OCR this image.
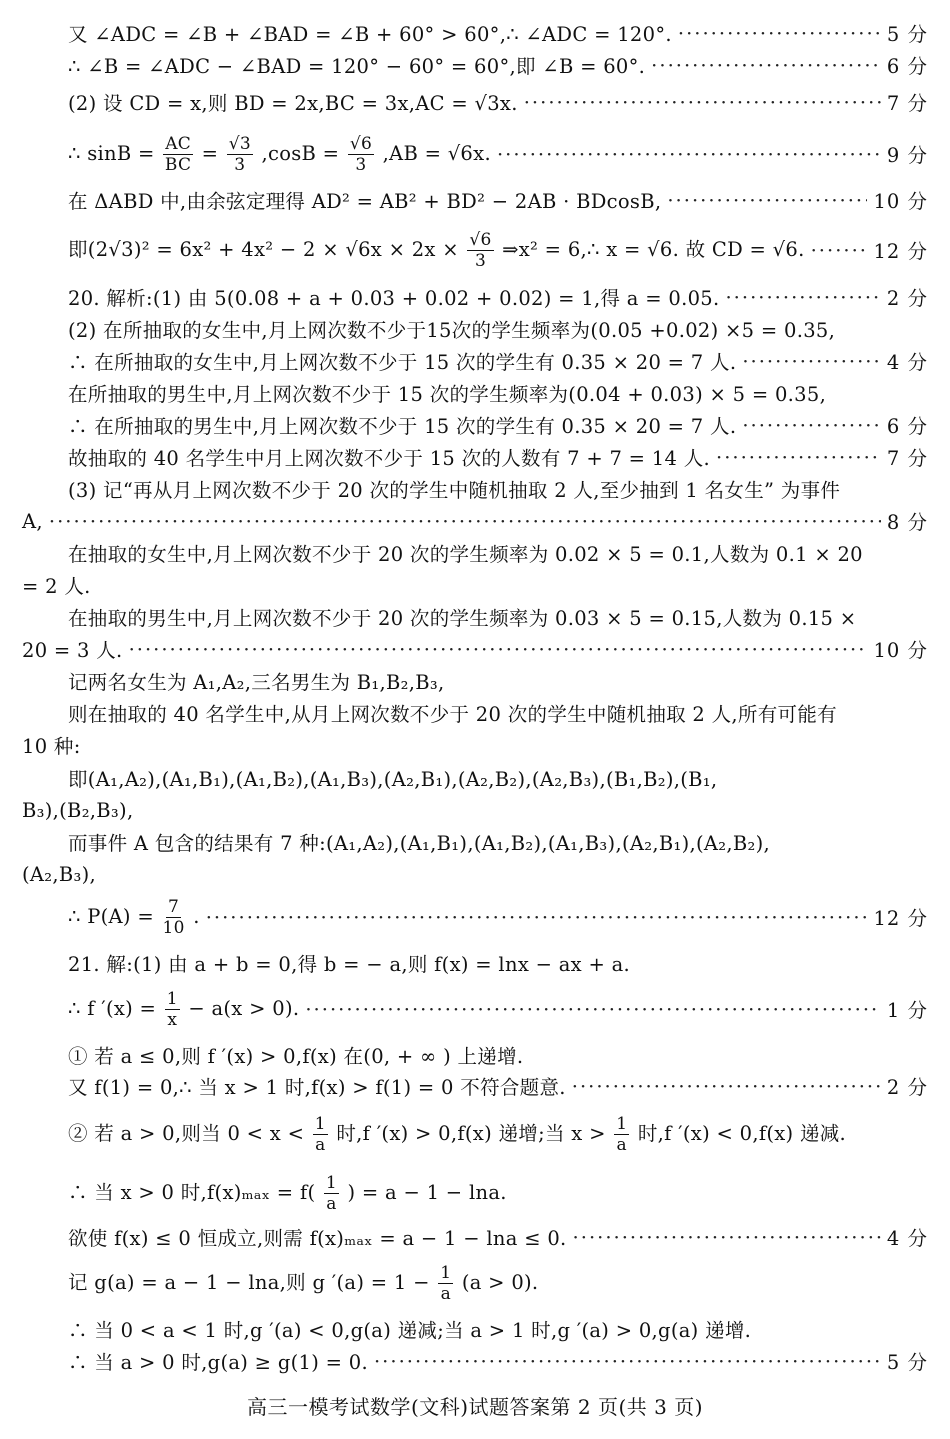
又 ∠ADC = ∠B + ∠BAD = ∠B + 60° > 60°,∴ ∠ADC = 120°. ·····	5 分
∴ ∠B = ∠ADC − ∠BAD = 120° − 60° = 60°,即 ∠B = 60°. ·····	6 分
(2) 设 CD = x,则 BD = 2x,BC = 3x,AC = √3x. ·····	7 分
∴ $\sin B = \frac{AC}{BC} = \frac{√3}{3} ,\cos B = \frac{√6}{3} ,AB = √6x$. ·····	9 分
在 ΔABD 中,由余弦定理得 AD² = AB² + BD² − 2AB · BDcosB, ·····	10 分
即$(2√3)^2 = 6x^2 + 4x^2 - 2 \times √6x \times 2x \times \frac{√6}{3}$ ⇒x² = 6,∴ x = √6. 故 CD = √6. ·····	12 分
20. 解析:(1) 由 5(0.08 + a + 0.03 + 0.02 + 0.02) = 1,得 a = 0.05. ·····	2 分
(2) 在所抽取的女生中,月上网次数不少于15次的学生频率为(0.05 +0.02) ×5 = 0.35,
∴ 在所抽取的女生中,月上网次数不少于 15 次的学生有 0.35 × 20 = 7 人. ·····	4 分
在所抽取的男生中,月上网次数不少于 15 次的学生频率为(0.04 + 0.03) × 5 = 0.35,
∴ 在所抽取的男生中,月上网次数不少于 15 次的学生有 0.35 × 20 = 7 人. ·····	6 分
故抽取的 40 名学生中月上网次数不少于 15 次的人数有 7 + 7 = 14 人. ·····	7 分
(3) 记“再从月上网次数不少于 20 次的学生中随机抽取 2 人,至少抽到 1 名女生” 为事件
A, ·····	8 分
在抽取的女生中,月上网次数不少于 20 次的学生频率为 0.02 × 5 = 0.1,人数为 0.1 × 20
= 2 人.
在抽取的男生中,月上网次数不少于 20 次的学生频率为 0.03 × 5 = 0.15,人数为 0.15 ×
20 = 3 人. ·····	10 分
记两名女生为 A₁,A₂,三名男生为 B₁,B₂,B₃,
则在抽取的 40 名学生中,从月上网次数不少于 20 次的学生中随机抽取 2 人,所有可能有
10 种:
即(A₁,A₂),(A₁,B₁),(A₁,B₂),(A₁,B₃),(A₂,B₁),(A₂,B₂),(A₂,B₃),(B₁,B₂),(B₁,
B₃),(B₂,B₃),
而事件 A 包含的结果有 7 种:(A₁,A₂),(A₁,B₁),(A₁,B₂),(A₁,B₃),(A₂,B₁),(A₂,B₂),
(A₂,B₃),
∴ $P(A) = \frac{7}{10}$ . ·····	12 分
21. 解:(1) 由 a + b = 0,得 b = − a,则 f(x) = lnx − ax + a.
∴ f $'(x) = \frac{1}{x} - a(x > 0)$. ·····	1 分
① 若 a ≤ 0,则 f ′(x) > 0,f(x) 在(0, + ∞ ) 上递增.
又 f(1) = 0,∴ 当 x > 1 时,f(x) > f(1) = 0 不符合题意. ·····	2 分
② 若 a > 0,则当 $0 < x < \frac{1}{a}$ 时,f ′(x) > 0,f(x) 递增;当 $x > \frac{1}{a}$ 时,f ′(x) < 0,f(x) 递减.
∴ 当 x > 0 时$,f(x)_{max} = f( \frac{1}{a}$ ) = a − 1 − lna.
欲使 f(x) ≤ 0 恒成立,则需 f(x)ₘₐₓ = a − 1 − lna ≤ 0. ·····	4 分
记 g(a) = a − 1 − lna,则 g $'(a) = 1 - \frac{1}{a} (a > 0)$.
∴ 当 0 < a < 1 时,g ′(a) < 0,g(a) 递减;当 a > 1 时,g ′(a) > 0,g(a) 递增.
∴ 当 a > 0 时,g(a) ≥ g(1) = 0. ·····	5 分
高三一模考试数学(文科)试题答案第 2 页(共 3 页)
